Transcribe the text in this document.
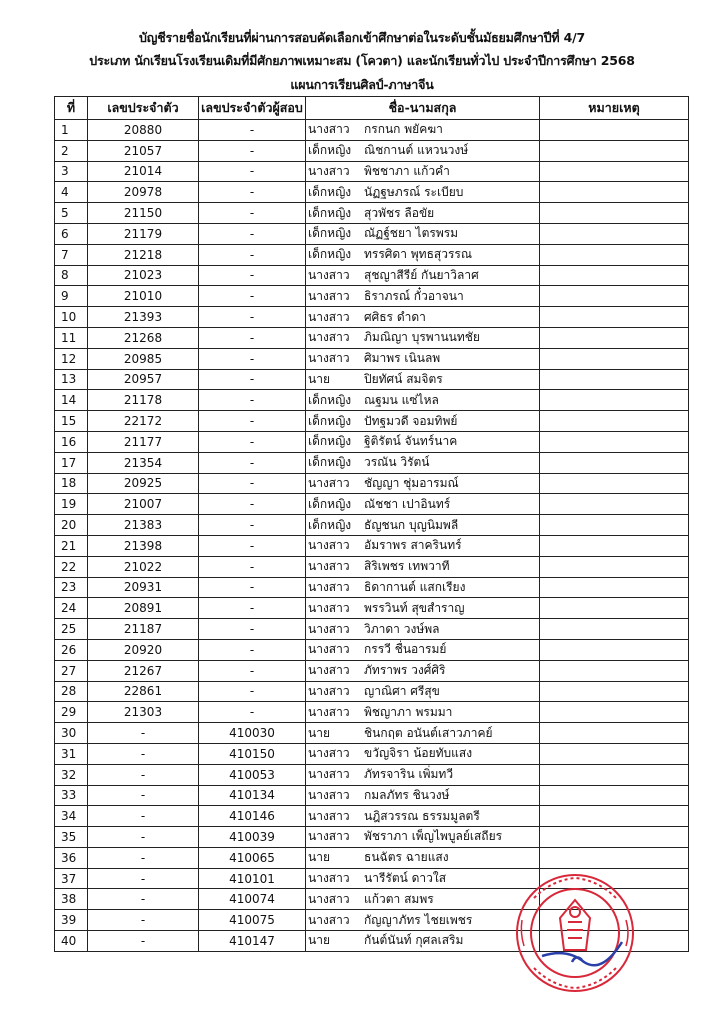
บัญชีรายชื่อนักเรียนที่ผ่านการสอบคัดเลือกเข้าศึกษาต่อในระดับชั้นมัธยมศึกษาปีที่ 4/7
ประเภท นักเรียนโรงเรียนเดิมที่มีศักยภาพเหมาะสม (โควตา) และนักเรียนทั่วไป ประจำปีการศึกษา 2568
แผนการเรียนศิลป์-ภาษาจีน
ที่	เลขประจำตัว	เลขประจำตัวผู้สอบ	ชื่อ-นามสกุล	หมายเหตุ
1	20880	-	นางสาว กรกนก พยัคฆา	
2	21057	-	เด็กหญิง ณิชกานต์ แหวนวงษ์	
3	21014	-	นางสาว พิชชาภา แก้วคำ	
4	20978	-	เด็กหญิง นัฏฐษภรณ์ ระเบียบ	
5	21150	-	เด็กหญิง สุวพัชร ลือขัย	
6	21179	-	เด็กหญิง ณัฏฐ์ชยา ไตรพรม	
7	21218	-	เด็กหญิง ทรรศิดา พุทธสุวรรณ	
8	21023	-	นางสาว สุชญาสีรีย์ กันยาวิลาศ	
9	21010	-	นางสาว ธิราภรณ์ กั๋วอาจนา	
10	21393	-	นางสาว ศศิธร ดำดา	
11	21268	-	นางสาว ภิมณิญา บุรพานนทชัย	
12	20985	-	นางสาว ศิมาพร เนินลพ	
13	20957	-	นาย ปิยทัศน์ สมจิตร	
14	21178	-	เด็กหญิง ณฐมน แซ่ไหล	
15	22172	-	เด็กหญิง ปัทฐมวดี จอมทิพย์	
16	21177	-	เด็กหญิง ฐิติรัตน์ จันทร์นาค	
17	21354	-	เด็กหญิง วรณัน วิรัตน์	
18	20925	-	นางสาว ชัญญา ชุ่มอารมณ์	
19	21007	-	เด็กหญิง ณัชชา เปาอินทร์	
20	21383	-	เด็กหญิง ธัญชนก บุญนิมพลี	
21	21398	-	นางสาว อัมราพร สาครินทร์	
22	21022	-	นางสาว สิริเพชร เทพวาที	
23	20931	-	นางสาว ธิดากานต์ แสกเรียง	
24	20891	-	นางสาว พรรวินท์ สุขสำราญ	
25	21187	-	นางสาว วิภาดา วงษ์พล	
26	20920	-	นางสาว กรรวี ชื่นอารมย์	
27	21267	-	นางสาว ภัทราพร วงศ์ศิริ	
28	22861	-	นางสาว ญาณิศา ศรีสุข	
29	21303	-	นางสาว พิชญาภา พรมมา	
30	-	410030	นาย ชินกฤต อนันต์เสาวภาคย์	
31	-	410150	นางสาว ขวัญจิรา น้อยทับแสง	
32	-	410053	นางสาว ภัทรจาริน เพิ่มทวี	
33	-	410134	นางสาว กมลภัทร ชินวงษ์	
34	-	410146	นางสาว นฎิสวรรณ ธรรมมูลตรี	
35	-	410039	นางสาว พัชราภา เพ็ญไพบูลย์เสถียร	
36	-	410065	นาย ธนฉัตร ฉายแสง	
37	-	410101	นางสาว นารีรัตน์ ดาวใส	
38	-	410074	นางสาว แก้วตา สมพร	
39	-	410075	นางสาว กัญญาภัทร ไชยเพชร	
40	-	410147	นาย กันต์นันท์ กุศลเสริม	
